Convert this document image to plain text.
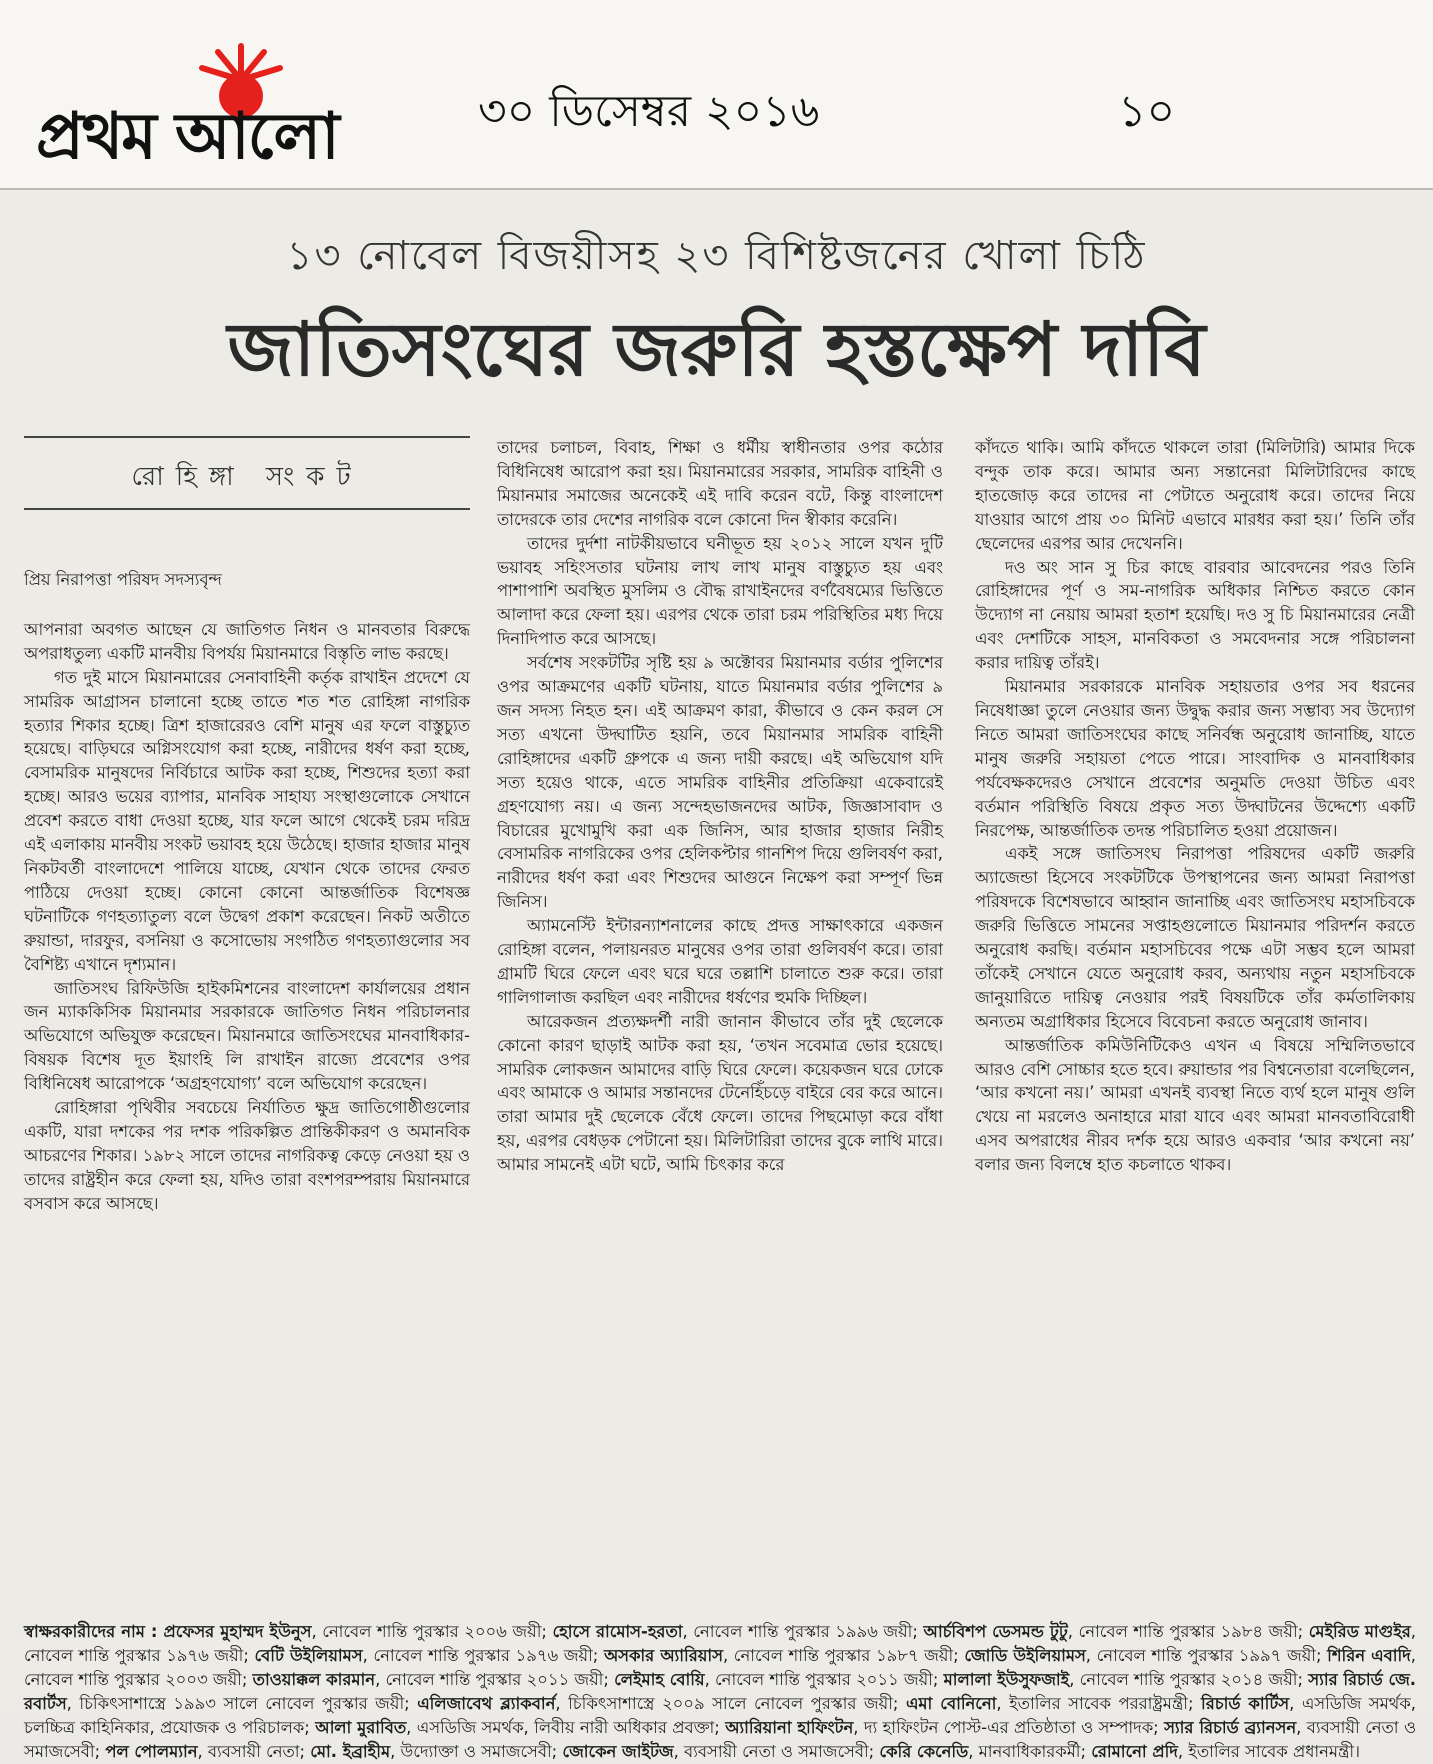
প্রথম আলো	৩০ ডিসেম্বর ২০১৬	১০
১৩ নোবেল বিজয়ীসহ ২৩ বিশিষ্টজনের খোলা চিঠি
জাতিসংঘের জরুরি হস্তক্ষেপ দাবি
রোহিঙ্গা সংকট

প্রিয় নিরাপত্তা পরিষদ সদস্যবৃন্দ

আপনারা অবগত আছেন যে জাতিগত নিধন ও মানবতার বিরুদ্ধে অপরাধতুল্য একটি মানবীয় বিপর্যয় মিয়ানমারে বিস্তৃতি লাভ করছে।

গত দুই মাসে মিয়ানমারের সেনাবাহিনী কর্তৃক রাখাইন প্রদেশে যে সামরিক আগ্রাসন চালানো হচ্ছে তাতে শত শত রোহিঙ্গা নাগরিক হত্যার শিকার হচ্ছে। ত্রিশ হাজারেরও বেশি মানুষ এর ফলে বাস্তুচ্যুত হয়েছে। বাড়িঘরে অগ্নিসংযোগ করা হচ্ছে, নারীদের ধর্ষণ করা হচ্ছে, বেসামরিক মানুষদের নির্বিচারে আটক করা হচ্ছে, শিশুদের হত্যা করা হচ্ছে। আরও ভয়ের ব্যাপার, মানবিক সাহায্য সংস্থাগুলোকে সেখানে প্রবেশ করতে বাধা দেওয়া হচ্ছে, যার ফলে আগে থেকেই চরম দরিদ্র এই এলাকায় মানবীয় সংকট ভয়াবহ হয়ে উঠেছে। হাজার হাজার মানুষ নিকটবর্তী বাংলাদেশে পালিয়ে যাচ্ছে, যেখান থেকে তাদের ফেরত পাঠিয়ে দেওয়া হচ্ছে। কোনো কোনো আন্তর্জাতিক বিশেষজ্ঞ ঘটনাটিকে গণহত্যাতুল্য বলে উদ্বেগ প্রকাশ করেছেন। নিকট অতীতে রুয়ান্ডা, দারফুর, বসনিয়া ও কসোভোয় সংগঠিত গণহত্যাগুলোর সব বৈশিষ্ট্য এখানে দৃশ্যমান।

জাতিসংঘ রিফিউজি হাইকমিশনের বাংলাদেশ কার্যালয়ের প্রধান জন ম্যাককিসিক মিয়ানমার সরকারকে জাতিগত নিধন পরিচালনার অভিযোগে অভিযুক্ত করেছেন। মিয়ানমারে জাতিসংঘের মানবাধিকার-বিষয়ক বিশেষ দূত ইয়াংহি লি রাখাইন রাজ্যে প্রবেশের ওপর বিধিনিষেধ আরোপকে ‘অগ্রহণযোগ্য’ বলে অভিযোগ করেছেন।

রোহিঙ্গারা পৃথিবীর সবচেয়ে নির্যাতিত ক্ষুদ্র জাতিগোষ্ঠীগুলোর একটি, যারা দশকের পর দশক পরিকল্পিত প্রান্তিকীকরণ ও অমানবিক আচরণের শিকার। ১৯৮২ সালে তাদের নাগরিকত্ব কেড়ে নেওয়া হয় ও তাদের রাষ্ট্রহীন করে ফেলা হয়, যদিও তারা বংশপরম্পরায় মিয়ানমারে বসবাস করে আসছে।

তাদের চলাচল, বিবাহ, শিক্ষা ও ধর্মীয় স্বাধীনতার ওপর কঠোর বিধিনিষেধ আরোপ করা হয়। মিয়ানমারের সরকার, সামরিক বাহিনী ও মিয়ানমার সমাজের অনেকেই এই দাবি করেন বটে, কিন্তু বাংলাদেশ তাদেরকে তার দেশের নাগরিক বলে কোনো দিন স্বীকার করেনি।

তাদের দুর্দশা নাটকীয়ভাবে ঘনীভূত হয় ২০১২ সালে যখন দুটি ভয়াবহ সহিংসতার ঘটনায় লাখ লাখ মানুষ বাস্তুচ্যুত হয় এবং পাশাপাশি অবস্থিত মুসলিম ও বৌদ্ধ রাখাইনদের বর্ণবৈষম্যের ভিত্তিতে আলাদা করে ফেলা হয়। এরপর থেকে তারা চরম পরিস্থিতির মধ্য দিয়ে দিনাদিপাত করে আসছে।

সর্বশেষ সংকটটির সৃষ্টি হয় ৯ অক্টোবর মিয়ানমার বর্ডার পুলিশের ওপর আক্রমণের একটি ঘটনায়, যাতে মিয়ানমার বর্ডার পুলিশের ৯ জন সদস্য নিহত হন। এই আক্রমণ কারা, কীভাবে ও কেন করল সে সত্য এখনো উদ্ঘাটিত হয়নি, তবে মিয়ানমার সামরিক বাহিনী রোহিঙ্গাদের একটি গ্রুপকে এ জন্য দায়ী করছে। এই অভিযোগ যদি সত্য হয়েও থাকে, এতে সামরিক বাহিনীর প্রতিক্রিয়া একেবারেই গ্রহণযোগ্য নয়। এ জন্য সন্দেহভাজনদের আটক, জিজ্ঞাসাবাদ ও বিচারের মুখোমুখি করা এক জিনিস, আর হাজার হাজার নিরীহ বেসামরিক নাগরিকের ওপর হেলিকপ্টার গানশিপ দিয়ে গুলিবর্ষণ করা, নারীদের ধর্ষণ করা এবং শিশুদের আগুনে নিক্ষেপ করা সম্পূর্ণ ভিন্ন জিনিস।

অ্যামনেস্টি ইন্টারন্যাশনালের কাছে প্রদত্ত সাক্ষাৎকারে একজন রোহিঙ্গা বলেন, পলায়নরত মানুষের ওপর তারা গুলিবর্ষণ করে। তারা গ্রামটি ঘিরে ফেলে এবং ঘরে ঘরে তল্লাশি চালাতে শুরু করে। তারা গালিগালাজ করছিল এবং নারীদের ধর্ষণের হুমকি দিচ্ছিল।

আরেকজন প্রত্যক্ষদর্শী নারী জানান কীভাবে তাঁর দুই ছেলেকে কোনো কারণ ছাড়াই আটক করা হয়, ‘তখন সবেমাত্র ভোর হয়েছে। সামরিক লোকজন আমাদের বাড়ি ঘিরে ফেলে। কয়েকজন ঘরে ঢোকে এবং আমাকে ও আমার সন্তানদের টেনেহিঁচড়ে বাইরে বের করে আনে। তারা আমার দুই ছেলেকে বেঁধে ফেলে। তাদের পিছমোড়া করে বাঁধা হয়, এরপর বেধড়ক পেটানো হয়। মিলিটারিরা তাদের বুকে লাথি মারে। আমার সামনেই এটা ঘটে, আমি চিৎকার করে

কাঁদতে থাকি। আমি কাঁদতে থাকলে তারা (মিলিটারি) আমার দিকে বন্দুক তাক করে। আমার অন্য সন্তানেরা মিলিটারিদের কাছে হাতজোড় করে তাদের না পেটাতে অনুরোধ করে। তাদের নিয়ে যাওয়ার আগে প্রায় ৩০ মিনিট এভাবে মারধর করা হয়।’ তিনি তাঁর ছেলেদের এরপর আর দেখেননি।

দও অং সান সু চির কাছে বারবার আবেদনের পরও তিনি রোহিঙ্গাদের পূর্ণ ও সম-নাগরিক অধিকার নিশ্চিত করতে কোন উদ্যোগ না নেয়ায় আমরা হতাশ হয়েছি। দও সু চি মিয়ানমারের নেত্রী এবং দেশটিকে সাহস, মানবিকতা ও সমবেদনার সঙ্গে পরিচালনা করার দায়িত্ব তাঁরই।

মিয়ানমার সরকারকে মানবিক সহায়তার ওপর সব ধরনের নিষেধাজ্ঞা তুলে নেওয়ার জন্য উদ্বুদ্ধ করার জন্য সম্ভাব্য সব উদ্যোগ নিতে আমরা জাতিসংঘের কাছে সনির্বন্ধ অনুরোধ জানাচ্ছি, যাতে মানুষ জরুরি সহায়তা পেতে পারে। সাংবাদিক ও মানবাধিকার পর্যবেক্ষকদেরও সেখানে প্রবেশের অনুমতি দেওয়া উচিত এবং বর্তমান পরিস্থিতি বিষয়ে প্রকৃত সত্য উদ্ঘাটনের উদ্দেশ্যে একটি নিরপেক্ষ, আন্তর্জাতিক তদন্ত পরিচালিত হওয়া প্রয়োজন।

একই সঙ্গে জাতিসংঘ নিরাপত্তা পরিষদের একটি জরুরি অ্যাজেন্ডা হিসেবে সংকটটিকে উপস্থাপনের জন্য আমরা নিরাপত্তা পরিষদকে বিশেষভাবে আহ্বান জানাচ্ছি এবং জাতিসংঘ মহাসচিবকে জরুরি ভিত্তিতে সামনের সপ্তাহগুলোতে মিয়ানমার পরিদর্শন করতে অনুরোধ করছি। বর্তমান মহাসচিবের পক্ষে এটা সম্ভব হলে আমরা তাঁকেই সেখানে যেতে অনুরোধ করব, অন্যথায় নতুন মহাসচিবকে জানুয়ারিতে দায়িত্ব নেওয়ার পরই বিষয়টিকে তাঁর কর্মতালিকায় অন্যতম অগ্রাধিকার হিসেবে বিবেচনা করতে অনুরোধ জানাব।

আন্তর্জাতিক কমিউনিটিকেও এখন এ বিষয়ে সম্মিলিতভাবে আরও বেশি সোচ্চার হতে হবে। রুয়ান্ডার পর বিশ্বনেতারা বলেছিলেন, ‘আর কখনো নয়।’ আমরা এখনই ব্যবস্থা নিতে ব্যর্থ হলে মানুষ গুলি খেয়ে না মরলেও অনাহারে মারা যাবে এবং আমরা মানবতাবিরোধী এসব অপরাধের নীরব দর্শক হয়ে আরও একবার ‘আর কখনো নয়’ বলার জন্য বিলম্বে হাত কচলাতে থাকব।

স্বাক্ষরকারীদের নাম : প্রফেসর মুহাম্মদ ইউনুস, নোবেল শান্তি পুরস্কার ২০০৬ জয়ী; হোসে রামোস-হরতা, নোবেল শান্তি পুরস্কার ১৯৯৬ জয়ী; আর্চবিশপ ডেসমন্ড টুটু, নোবেল শান্তি পুরস্কার ১৯৮৪ জয়ী; মেইরিড মাগুইর, নোবেল শান্তি পুরস্কার ১৯৭৬ জয়ী; বেটি উইলিয়ামস, নোবেল শান্তি পুরস্কার ১৯৭৬ জয়ী; অসকার অ্যারিয়াস, নোবেল শান্তি পুরস্কার ১৯৮৭ জয়ী; জোডি উইলিয়ামস, নোবেল শান্তি পুরস্কার ১৯৯৭ জয়ী; শিরিন এবাদি, নোবেল শান্তি পুরস্কার ২০০৩ জয়ী; তাওয়াক্কল কারমান, নোবেল শান্তি পুরস্কার ২০১১ জয়ী; লেইমাহ বোয়ি, নোবেল শান্তি পুরস্কার ২০১১ জয়ী; মালালা ইউসুফজাই, নোবেল শান্তি পুরস্কার ২০১৪ জয়ী; স্যার রিচার্ড জে. রবার্টস, চিকিৎসাশাস্ত্রে ১৯৯৩ সালে নোবেল পুরস্কার জয়ী; এলিজাবেথ ব্ল্যাকবার্ন, চিকিৎসাশাস্ত্রে ২০০৯ সালে নোবেল পুরস্কার জয়ী; এমা বোনিনো, ইতালির সাবেক পররাষ্ট্রমন্ত্রী; রিচার্ড কার্টিস, এসডিজি সমর্থক, চলচ্চিত্র কাহিনিকার, প্রযোজক ও পরিচালক; আলা মুরাবিত, এসডিজি সমর্থক, লিবীয় নারী অধিকার প্রবক্তা; অ্যারিয়ানা হাফিংটন, দ্য হাফিংটন পোস্ট-এর প্রতিষ্ঠাতা ও সম্পাদক; স্যার রিচার্ড ব্র্যানসন, ব্যবসায়ী নেতা ও সমাজসেবী; পল পোলম্যান, ব্যবসায়ী নেতা; মো. ইব্রাহীম, উদ্যোক্তা ও সমাজসেবী; জোকেন জাইটজ, ব্যবসায়ী নেতা ও সমাজসেবী; কেরি কেনেডি, মানবাধিকারকর্মী; রোমানো প্রদি, ইতালির সাবেক প্রধানমন্ত্রী।
